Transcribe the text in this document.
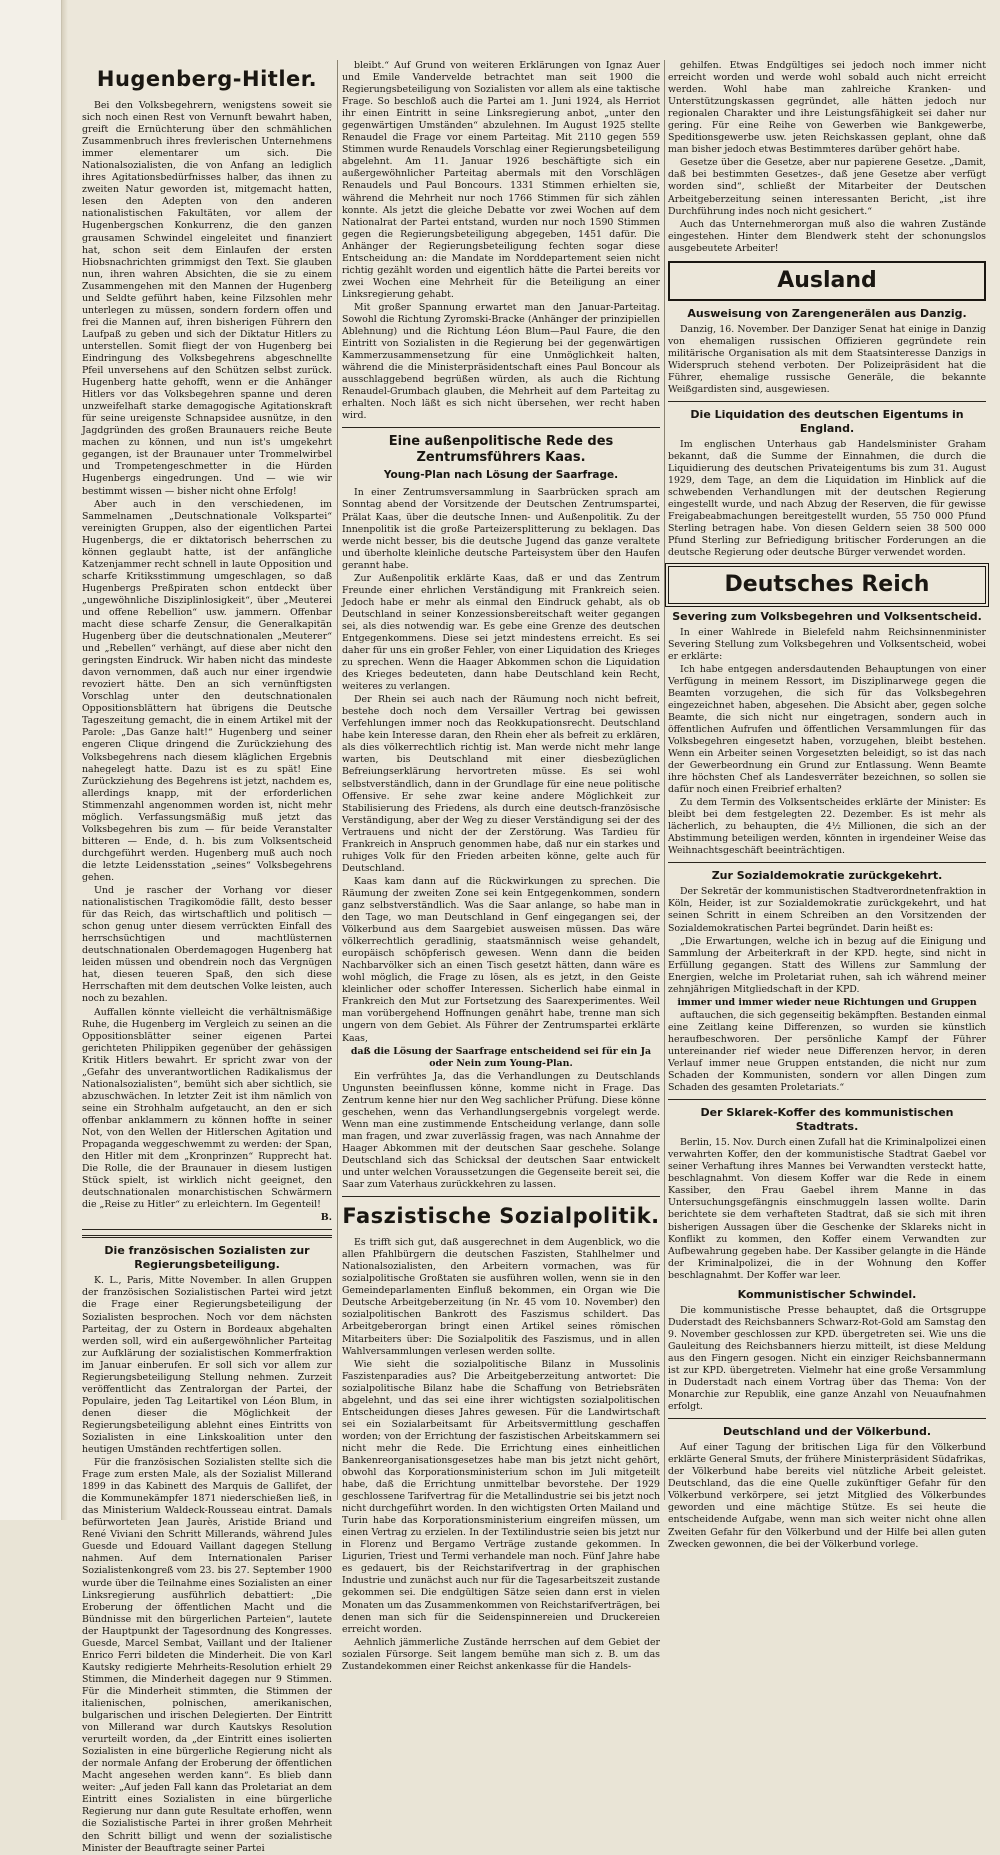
Hugenberg-Hitler.

Bei den Volksbegehrern, wenigstens soweit sie sich noch einen Rest von Vernunft bewahrt haben, greift die Ernüchterung über den schmählichen Zusammenbruch ihres frevlerischen Unternehmens immer elementarer um sich. Die Nationalsozialisten, die von Anfang an lediglich ihres Agitationsbedürfnisses halber, das ihnen zu zweiten Natur geworden ist, mitgemacht hatten, lesen den Adepten von den anderen nationalistischen Fakultäten, vor allem der Hugenbergschen Konkurrenz, die den ganzen grausamen Schwindel eingeleitet und finanziert hat, schon seit dem Einlaufen der ersten Hiobsnachrichten grimmigst den Text. Sie glauben nun, ihren wahren Absichten, die sie zu einem Zusammengehen mit den Mannen der Hugenberg und Seldte geführt haben, keine Filzsohlen mehr unterlegen zu müssen, sondern fordern offen und frei die Mannen auf, ihren bisherigen Führern den Laufpaß zu geben und sich der Diktatur Hitlers zu unterstellen. Somit fliegt der von Hugenberg bei Eindringung des Volksbegehrens abgeschnellte Pfeil unversehens auf den Schützen selbst zurück. Hugenberg hatte gehofft, wenn er die Anhänger Hitlers vor das Volksbegehren spanne und deren unzweifelhaft starke demagogische Agitationskraft für seine ureigenste Schnapsidee ausnütze, in den Jagdgründen des großen Braunauers reiche Beute machen zu können, und nun ist's umgekehrt gegangen, ist der Braunauer unter Trommelwirbel und Trompetengeschmetter in die Hürden Hugenbergs eingedrungen. Und — wie wir bestimmt wissen — bisher nicht ohne Erfolg!

Aber auch in den verschiedenen, im Sammelnamen „Deutschnationale Volkspartei“ vereinigten Gruppen, also der eigentlichen Partei Hugenbergs, die er diktatorisch beherrschen zu können geglaubt hatte, ist der anfängliche Katzenjammer recht schnell in laute Opposition und scharfe Kritiksstimmung umgeschlagen, so daß Hugenbergs Preßpiraten schon entdeckt über „ungewöhnliche Disziplinlosigkeit“, über „Meuterei und offene Rebellion“ usw. jammern. Offenbar macht diese scharfe Zensur, die Generalkapitän Hugenberg über die deutschnationalen „Meuterer“ und „Rebellen“ verhängt, auf diese aber nicht den geringsten Eindruck. Wir haben nicht das mindeste davon vernommen, daß auch nur einer irgendwie revoziert hätte. Den an sich vernünftigsten Vorschlag unter den deutschnationalen Oppositionsblättern hat übrigens die Deutsche Tageszeitung gemacht, die in einem Artikel mit der Parole: „Das Ganze halt!“ Hugenberg und seiner engeren Clique dringend die Zurückziehung des Volksbegehrens nach diesem kläglichen Ergebnis nahegelegt hatte. Dazu ist es zu spät! Eine Zurückziehung des Begehrens ist jetzt, nachdem es, allerdings knapp, mit der erforderlichen Stimmenzahl angenommen worden ist, nicht mehr möglich. Verfassungsmäßig muß jetzt das Volksbegehren bis zum — für beide Veranstalter bitteren — Ende, d. h. bis zum Volksentscheid durchgeführt werden. Hugenberg muß auch noch die letzte Leidensstation „seines“ Volksbegehrens gehen.

Und je rascher der Vorhang vor dieser nationalistischen Tragikomödie fällt, desto besser für das Reich, das wirtschaftlich und politisch — schon genug unter diesem verrückten Einfall des herrschsüchtigen und machtlüsternen deutschnationalen Oberdemagogen Hugenberg hat leiden müssen und obendrein noch das Vergnügen hat, diesen teueren Spaß, den sich diese Herrschaften mit dem deutschen Volke leisten, auch noch zu bezahlen.

Auffallen könnte vielleicht die verhältnismäßige Ruhe, die Hugenberg im Vergleich zu seinen an die Oppositionsblätter seiner eigenen Partei gerichteten Philippiken gegenüber der gehässigen Kritik Hitlers bewahrt. Er spricht zwar von der „Gefahr des unverantwortlichen Radikalismus der Nationalsozialisten“, bemüht sich aber sichtlich, sie abzuschwächen. In letzter Zeit ist ihm nämlich von seine ein Strohhalm aufgetaucht, an den er sich offenbar anklammern zu können hoffte in seiner Not, von den Wellen der Hitlerschen Agitation und Propaganda weggeschwemmt zu werden: der Span, den Hitler mit dem „Kronprinzen“ Rupprecht hat. Die Rolle, die der Braunauer in diesem lustigen Stück spielt, ist wirklich nicht geeignet, den deutschnationalen monarchistischen Schwärmern die „Reise zu Hitler“ zu erleichtern. Im Gegenteil!

B.
Die französischen Sozialisten zur Regierungsbeteiligung.

K. L., Paris, Mitte November. In allen Gruppen der französischen Sozialistischen Partei wird jetzt die Frage einer Regierungsbeteiligung der Sozialisten besprochen. Noch vor dem nächsten Parteitag, der zu Ostern in Bordeaux abgehalten werden soll, wird ein außergewöhnlicher Parteitag zur Aufklärung der sozialistischen Kommerfraktion im Januar einberufen. Er soll sich vor allem zur Regierungsbeteiligung Stellung nehmen. Zurzeit veröffentlicht das Zentralorgan der Partei, der Populaire, jeden Tag Leitartikel von Léon Blum, in denen dieser die Möglichkeit der Regierungsbeteiligung ablehnt eines Eintritts von Sozialisten in eine Linkskoalition unter den heutigen Umständen rechtfertigen sollen.

Für die französischen Sozialisten stellte sich die Frage zum ersten Male, als der Sozialist Millerand 1899 in das Kabinett des Marquis de Gallifet, der die Kommunekämpfer 1871 niederschießen ließ, in das Ministerium Waldeck-Rousseau eintrat. Damals befürworteten Jean Jaurès, Aristide Briand und René Viviani den Schritt Millerands, während Jules Guesde und Edouard Vaillant dagegen Stellung nahmen. Auf dem Internationalen Pariser Sozialistenkongreß vom 23. bis 27. September 1900 wurde über die Teilnahme eines Sozialisten an einer Linksregierung ausführlich debattiert: „Die Eroberung der öffentlichen Macht und die Bündnisse mit den bürgerlichen Parteien“, lautete der Hauptpunkt der Tagesordnung des Kongresses. Guesde, Marcel Sembat, Vaillant und der Italiener Enrico Ferri bildeten die Minderheit. Die von Karl Kautsky redigierte Mehrheits-Resolution erhielt 29 Stimmen, die Minderheit dagegen nur 9 Stimmen. Für die Minderheit stimmten, die Stimmen der italienischen, polnischen, amerikanischen, bulgarischen und irischen Delegierten. Der Eintritt von Millerand war durch Kautskys Resolution verurteilt worden, da „der Eintritt eines isolierten Sozialisten in eine bürgerliche Regierung nicht als der normale Anfang der Eroberung der öffentlichen Macht angesehen werden kann“. Es blieb dann weiter: „Auf jeden Fall kann das Proletariat an dem Eintritt eines Sozialisten in eine bürgerliche Regierung nur dann gute Resultate erhoffen, wenn die Sozialistische Partei in ihrer großen Mehrheit den Schritt billigt und wenn der sozialistische Minister der Beauftragte seiner Partei

bleibt.“ Auf Grund von weiteren Erklärungen von Ignaz Auer und Emile Vandervelde betrachtet man seit 1900 die Regierungsbeteiligung von Sozialisten vor allem als eine taktische Frage. So beschloß auch die Partei am 1. Juni 1924, als Herriot ihr einen Eintritt in seine Linksregierung anbot, „unter den gegenwärtigen Umständen“ abzulehnen. Im August 1925 stellte Renaudel die Frage vor einem Parteitag. Mit 2110 gegen 559 Stimmen wurde Renaudels Vorschlag einer Regierungsbeteiligung abgelehnt. Am 11. Januar 1926 beschäftigte sich ein außergewöhnlicher Parteitag abermals mit den Vorschlägen Renaudels und Paul Boncours. 1331 Stimmen erhielten sie, während die Mehrheit nur noch 1766 Stimmen für sich zählen konnte. Als jetzt die gleiche Debatte vor zwei Wochen auf dem Nationalrat der Partei entstand, wurden nur noch 1590 Stimmen gegen die Regierungsbeteiligung abgegeben, 1451 dafür. Die Anhänger der Regierungsbeteiligung fechten sogar diese Entscheidung an: die Mandate im Norddepartement seien nicht richtig gezählt worden und eigentlich hätte die Partei bereits vor zwei Wochen eine Mehrheit für die Beteiligung an einer Linksregierung gehabt.

Mit großer Spannung erwartet man den Januar-Parteitag. Sowohl die Richtung Zyromski-Bracke (Anhänger der prinzipiellen Ablehnung) und die Richtung Léon Blum—Paul Faure, die den Eintritt von Sozialisten in die Regierung bei der gegenwärtigen Kammerzusammensetzung für eine Unmöglichkeit halten, während die die Ministerpräsidentschaft eines Paul Boncour als ausschlaggebend begrüßen würden, als auch die Richtung Renaudel-Grumbach glauben, die Mehrheit auf dem Parteitag zu erhalten. Noch läßt es sich nicht übersehen, wer recht haben wird.

Eine außenpolitische Rede des Zentrumsführers Kaas.
Young-Plan nach Lösung der Saarfrage.

In einer Zentrumsversammlung in Saarbrücken sprach am Sonntag abend der Vorsitzende der Deutschen Zentrumspartei, Prälat Kaas, über die deutsche Innen- und Außenpolitik. Zu der Innenpolitik ist die große Parteizersplitterung zu beklagen. Das werde nicht besser, bis die deutsche Jugend das ganze veraltete und überholte kleinliche deutsche Parteisystem über den Haufen gerannt habe.

Zur Außenpolitik erklärte Kaas, daß er und das Zentrum Freunde einer ehrlichen Verständigung mit Frankreich seien. Jedoch habe er mehr als einmal den Eindruck gehabt, als ob Deutschland in seiner Konzessionsbereitschaft weiter gegangen sei, als dies notwendig war. Es gebe eine Grenze des deutschen Entgegenkommens. Diese sei jetzt mindestens erreicht. Es sei daher für uns ein großer Fehler, von einer Liquidation des Krieges zu sprechen. Wenn die Haager Abkommen schon die Liquidation des Krieges bedeuteten, dann habe Deutschland kein Recht, weiteres zu verlangen.

Der Rhein sei auch nach der Räumung noch nicht befreit, bestehe doch noch dem Versailler Vertrag bei gewissen Verfehlungen immer noch das Reokkupationsrecht. Deutschland habe kein Interesse daran, den Rhein eher als befreit zu erklären, als dies völkerrechtlich richtig ist. Man werde nicht mehr lange warten, bis Deutschland mit einer diesbezüglichen Befreiungserklärung hervortreten müsse. Es sei wohl selbstverständlich, dann in der Grundlage für eine neue politische Offensive. Er sehe zwar keine andere Möglichkeit zur Stabilisierung des Friedens, als durch eine deutsch-französische Verständigung, aber der Weg zu dieser Verständigung sei der des Vertrauens und nicht der der Zerstörung. Was Tardieu für Frankreich in Anspruch genommen habe, daß nur ein starkes und ruhiges Volk für den Frieden arbeiten könne, gelte auch für Deutschland.

Kaas kam dann auf die Rückwirkungen zu sprechen. Die Räumung der zweiten Zone sei kein Entgegenkommen, sondern ganz selbstverständlich. Was die Saar anlange, so habe man in den Tage, wo man Deutschland in Genf eingegangen sei, der Völkerbund aus dem Saargebiet ausweisen müssen. Das wäre völkerrechtlich geradlinig, staatsmännisch weise gehandelt, europäisch schöpferisch gewesen. Wenn dann die beiden Nachbarvölker sich an einen Tisch gesetzt hätten, dann wäre es wohl möglich, die Frage zu lösen, als es jetzt, in den Geiste kleinlicher oder schoffer Interessen. Sicherlich habe einmal in Frankreich den Mut zur Fortsetzung des Saarexperimentes. Weil man vorübergehend Hoffnungen genährt habe, trenne man sich ungern von dem Gebiet. Als Führer der Zentrumspartei erklärte Kaas,

daß die Lösung der Saarfrage entscheidend sei für ein Ja oder Nein zum Young-Plan.

Ein verfrühtes Ja, das die Verhandlungen zu Deutschlands Ungunsten beeinflussen könne, komme nicht in Frage. Das Zentrum kenne hier nur den Weg sachlicher Prüfung. Diese könne geschehen, wenn das Verhandlungsergebnis vorgelegt werde. Wenn man eine zustimmende Entscheidung verlange, dann solle man fragen, und zwar zuverlässig fragen, was nach Annahme der Haager Abkommen mit der deutschen Saar geschehe. Solange Deutschland sich das Schicksal der deutschen Saar entwickelt und unter welchen Voraussetzungen die Gegenseite bereit sei, die Saar zum Vaterhaus zurückkehren zu lassen.

Faszistische Sozialpolitik.

Es trifft sich gut, daß ausgerechnet in dem Augenblick, wo die allen Pfahlbürgern die deutschen Faszisten, Stahlhelmer und Nationalsozialisten, den Arbeitern vormachen, was für sozialpolitische Großtaten sie ausführen wollen, wenn sie in den Gemeindeparlamenten Einfluß bekommen, ein Organ wie Die Deutsche Arbeitgeberzeitung (in Nr. 45 vom 10. November) den sozialpolitischen Bankrott des Faszismus schildert. Das Arbeitgeberorgan bringt einen Artikel seines römischen Mitarbeiters über: Die Sozialpolitik des Faszismus, und in allen Wahlversammlungen verlesen werden sollte.

Wie sieht die sozialpolitische Bilanz in Mussolinis Faszistenparadies aus? Die Arbeitgeberzeitung antwortet: Die sozialpolitische Bilanz habe die Schaffung von Betriebsräten abgelehnt, und das sei eine ihrer wichtigsten sozialpolitischen Entscheidungen dieses Jahres gewesen. Für die Landwirtschaft sei ein Sozialarbeitsamt für Arbeitsvermittlung geschaffen worden; von der Errichtung der faszistischen Arbeitskammern sei nicht mehr die Rede. Die Errichtung eines einheitlichen Bankenreorganisationsgesetzes habe man bis jetzt nicht gehört, obwohl das Korporationsministerium schon im Juli mitgeteilt habe, daß die Errichtung unmittelbar bevorstehe. Der 1929 geschlossene Tarifvertrag für die Metallindustrie sei bis jetzt noch nicht durchgeführt worden. In den wichtigsten Orten Mailand und Turin habe das Korporationsministerium eingreifen müssen, um einen Vertrag zu erzielen. In der Textilindustrie seien bis jetzt nur in Florenz und Bergamo Verträge zustande gekommen. In Ligurien, Triest und Termi verhandele man noch. Fünf Jahre habe es gedauert, bis der Reichstarifvertrag in der graphischen Industrie und zunächst auch nur für die Tagesarbeitszeit zustande gekommen sei. Die endgültigen Sätze seien dann erst in vielen Monaten um das Zusammenkommen von Reichstarifverträgen, bei denen man sich für die Seidenspinnereien und Druckereien erreicht worden.

Aehnlich jämmerliche Zustände herrschen auf dem Gebiet der sozialen Fürsorge. Seit langem bemühe man sich z. B. um das Zustandekommen einer Reichst ankenkasse für die Handels-

gehilfen. Etwas Endgültiges sei jedoch noch immer nicht erreicht worden und werde wohl sobald auch nicht erreicht werden. Wohl habe man zahlreiche Kranken- und Unterstützungskassen gegründet, alle hätten jedoch nur regionalen Charakter und ihre Leistungsfähigkeit sei daher nur gering. Für eine Reihe von Gewerben wie Bankgewerbe, Speditionsgewerbe usw. jeten Reichskassen geplant, ohne daß man bisher jedoch etwas Bestimmteres darüber gehört habe.

Gesetze über die Gesetze, aber nur papierene Gesetze. „Damit, daß bei bestimmten Gesetzes-, daß jene Gesetze aber verfügt worden sind“, schließt der Mitarbeiter der Deutschen Arbeitgeberzeitung seinen interessanten Bericht, „ist ihre Durchführung indes noch nicht gesichert.“

Auch das Unternehmerorgan muß also die wahren Zustände eingestehen. Hinter dem Blendwerk steht der schonungslos ausgebeutete Arbeiter!

Ausland
Ausweisung von Zarengenerälen aus Danzig.

Danzig, 16. November. Der Danziger Senat hat einige in Danzig von ehemaligen russischen Offizieren gegründete rein militärische Organisation als mit dem Staatsinteresse Danzigs in Widerspruch stehend verboten. Der Polizeipräsident hat die Führer, ehemalige russische Generäle, die bekannte Weißgardisten sind, ausgewiesen.

Die Liquidation des deutschen Eigentums in England.

Im englischen Unterhaus gab Handelsminister Graham bekannt, daß die Summe der Einnahmen, die durch die Liquidierung des deutschen Privateigentums bis zum 31. August 1929, dem Tage, an dem die Liquidation im Hinblick auf die schwebenden Verhandlungen mit der deutschen Regierung eingestellt wurde, und nach Abzug der Reserven, die für gewisse Freigabeabmachungen bereitgestellt wurden, 55 750 000 Pfund Sterling betragen habe. Von diesen Geldern seien 38 500 000 Pfund Sterling zur Befriedigung britischer Forderungen an die deutsche Regierung oder deutsche Bürger verwendet worden.

Deutsches Reich
Severing zum Volksbegehren und Volksentscheid.

In einer Wahlrede in Bielefeld nahm Reichsinnenminister Severing Stellung zum Volksbegehren und Volksentscheid, wobei er erklärte:

Ich habe entgegen andersdautenden Behauptungen von einer Verfügung in meinem Ressort, im Disziplinarwege gegen die Beamten vorzugehen, die sich für das Volksbegehren eingezeichnet haben, abgesehen. Die Absicht aber, gegen solche Beamte, die sich nicht nur eingetragen, sondern auch in öffentlichen Aufrufen und öffentlichen Versammlungen für das Volksbegehren eingesetzt haben, vorzugehen, bleibt bestehen. Wenn ein Arbeiter seinen Vorgesetzten beleidigt, so ist das nach der Gewerbeordnung ein Grund zur Entlassung. Wenn Beamte ihre höchsten Chef als Landesverräter bezeichnen, so sollen sie dafür noch einen Freibrief erhalten?

Zu dem Termin des Volksentscheides erklärte der Minister: Es bleibt bei dem festgelegten 22. Dezember. Es ist mehr als lächerlich, zu behaupten, die 4½ Millionen, die sich an der Abstimmung beteiligen werden, könnten in irgendeiner Weise das Weihnachtsgeschäft beeinträchtigen.

Zur Sozialdemokratie zurückgekehrt.

Der Sekretär der kommunistischen Stadtverordnetenfraktion in Köln, Heider, ist zur Sozialdemokratie zurückgekehrt, und hat seinen Schritt in einem Schreiben an den Vorsitzenden der Sozialdemokratischen Partei begründet. Darin heißt es:

„Die Erwartungen, welche ich in bezug auf die Einigung und Sammlung der Arbeiterkraft in der KPD. hegte, sind nicht in Erfüllung gegangen. Statt des Willens zur Sammlung der Energien, welche im Proletariat ruhen, sah ich während meiner zehnjährigen Mitgliedschaft in der KPD.

immer und immer wieder neue Richtungen und Gruppen

auftauchen, die sich gegenseitig bekämpften. Bestanden einmal eine Zeitlang keine Differenzen, so wurden sie künstlich heraufbeschworen. Der persönliche Kampf der Führer untereinander rief wieder neue Differenzen hervor, in deren Verlauf immer neue Gruppen entstanden, die nicht nur zum Schaden der Kommunisten, sondern vor allen Dingen zum Schaden des gesamten Proletariats.“

Der Sklarek-Koffer des kommunistischen Stadtrats.

Berlin, 15. Nov. Durch einen Zufall hat die Kriminalpolizei einen verwahrten Koffer, den der kommunistische Stadtrat Gaebel vor seiner Verhaftung ihres Mannes bei Verwandten versteckt hatte, beschlagnahmt. Von diesem Koffer war die Rede in einem Kassiber, den Frau Gaebel ihrem Manne in das Untersuchungsgefängnis einschmuggeln lassen wollte. Darin berichtete sie dem verhafteten Stadtrat, daß sie sich mit ihren bisherigen Aussagen über die Geschenke der Sklareks nicht in Konflikt zu kommen, den Koffer einem Verwandten zur Aufbewahrung gegeben habe. Der Kassiber gelangte in die Hände der Kriminalpolizei, die in der Wohnung den Koffer beschlagnahmt. Der Koffer war leer.

Kommunistischer Schwindel.

Die kommunistische Presse behauptet, daß die Ortsgruppe Duderstadt des Reichsbanners Schwarz-Rot-Gold am Samstag den 9. November geschlossen zur KPD. übergetreten sei. Wie uns die Gauleitung des Reichsbanners hierzu mitteilt, ist diese Meldung aus den Fingern gesogen. Nicht ein einziger Reichsbannermann ist zur KPD. übergetreten. Vielmehr hat eine große Versammlung in Duderstadt nach einem Vortrag über das Thema: Von der Monarchie zur Republik, eine ganze Anzahl von Neuaufnahmen erfolgt.

Deutschland und der Völkerbund.

Auf einer Tagung der britischen Liga für den Völkerbund erklärte General Smuts, der frühere Ministerpräsident Südafrikas, der Völkerbund habe bereits viel nützliche Arbeit geleistet. Deutschland, das die eine Quelle zukünftiger Gefahr für den Völkerbund verkörpere, sei jetzt Mitglied des Völkerbundes geworden und eine mächtige Stütze. Es sei heute die entscheidende Aufgabe, wenn man sich weiter nicht ohne allen Zweiten Gefahr für den Völkerbund und der Hilfe bei allen guten Zwecken gewonnen, die bei der Völkerbund vorlege.
